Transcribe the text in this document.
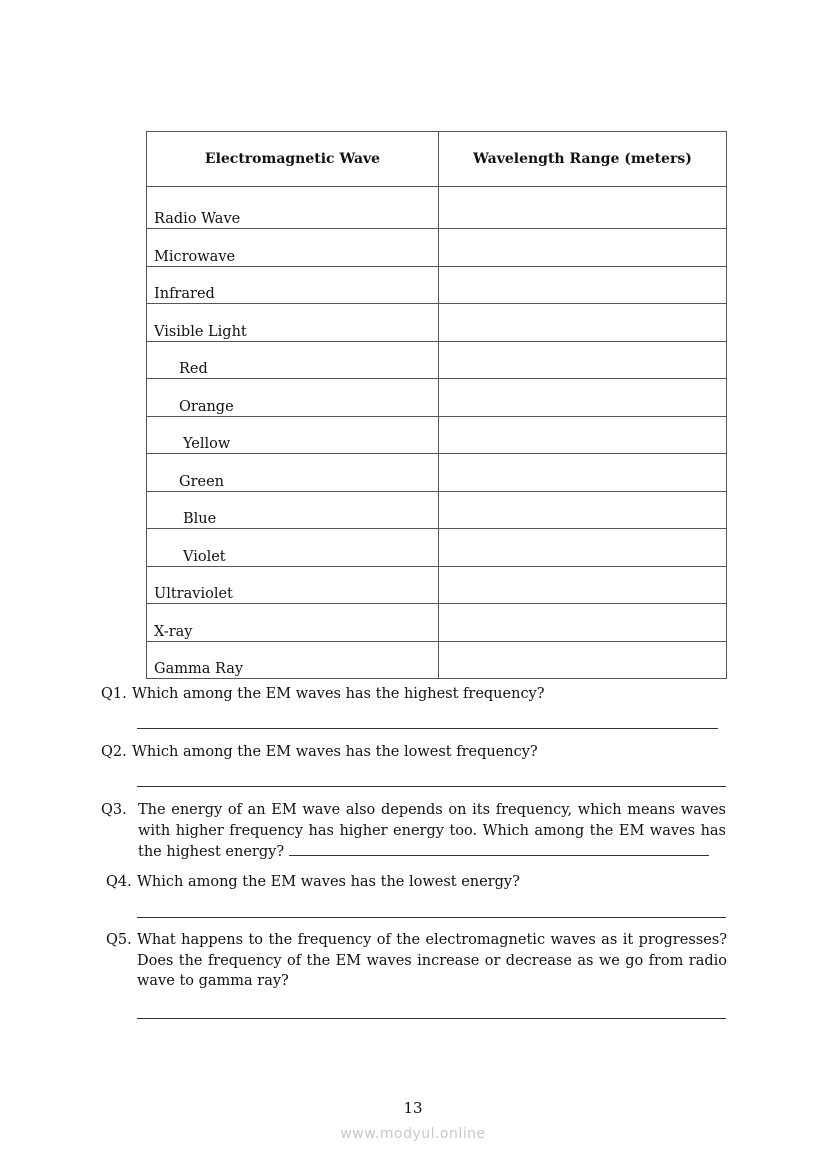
Electromagnetic Wave	Wavelength Range (meters)
Radio Wave	
Microwave	
Infrared	
Visible Light	
Red	
Orange	
Yellow	
Green	
Blue	
Violet	
Ultraviolet	
X-ray	
Gamma Ray	
Q1. Which among the EM waves has the highest frequency?
Q2. Which among the EM waves has the lowest frequency?
Q3. The energy of an EM wave also depends on its frequency, which means waves with higher frequency has higher energy too. Which among the EM waves has the highest energy?
Q4. Which among the EM waves has the lowest energy?
Q5. What happens to the frequency of the electromagnetic waves as it progresses? Does the frequency of the EM waves increase or decrease as we go from radio wave to gamma ray?
13
www.modyul.online
